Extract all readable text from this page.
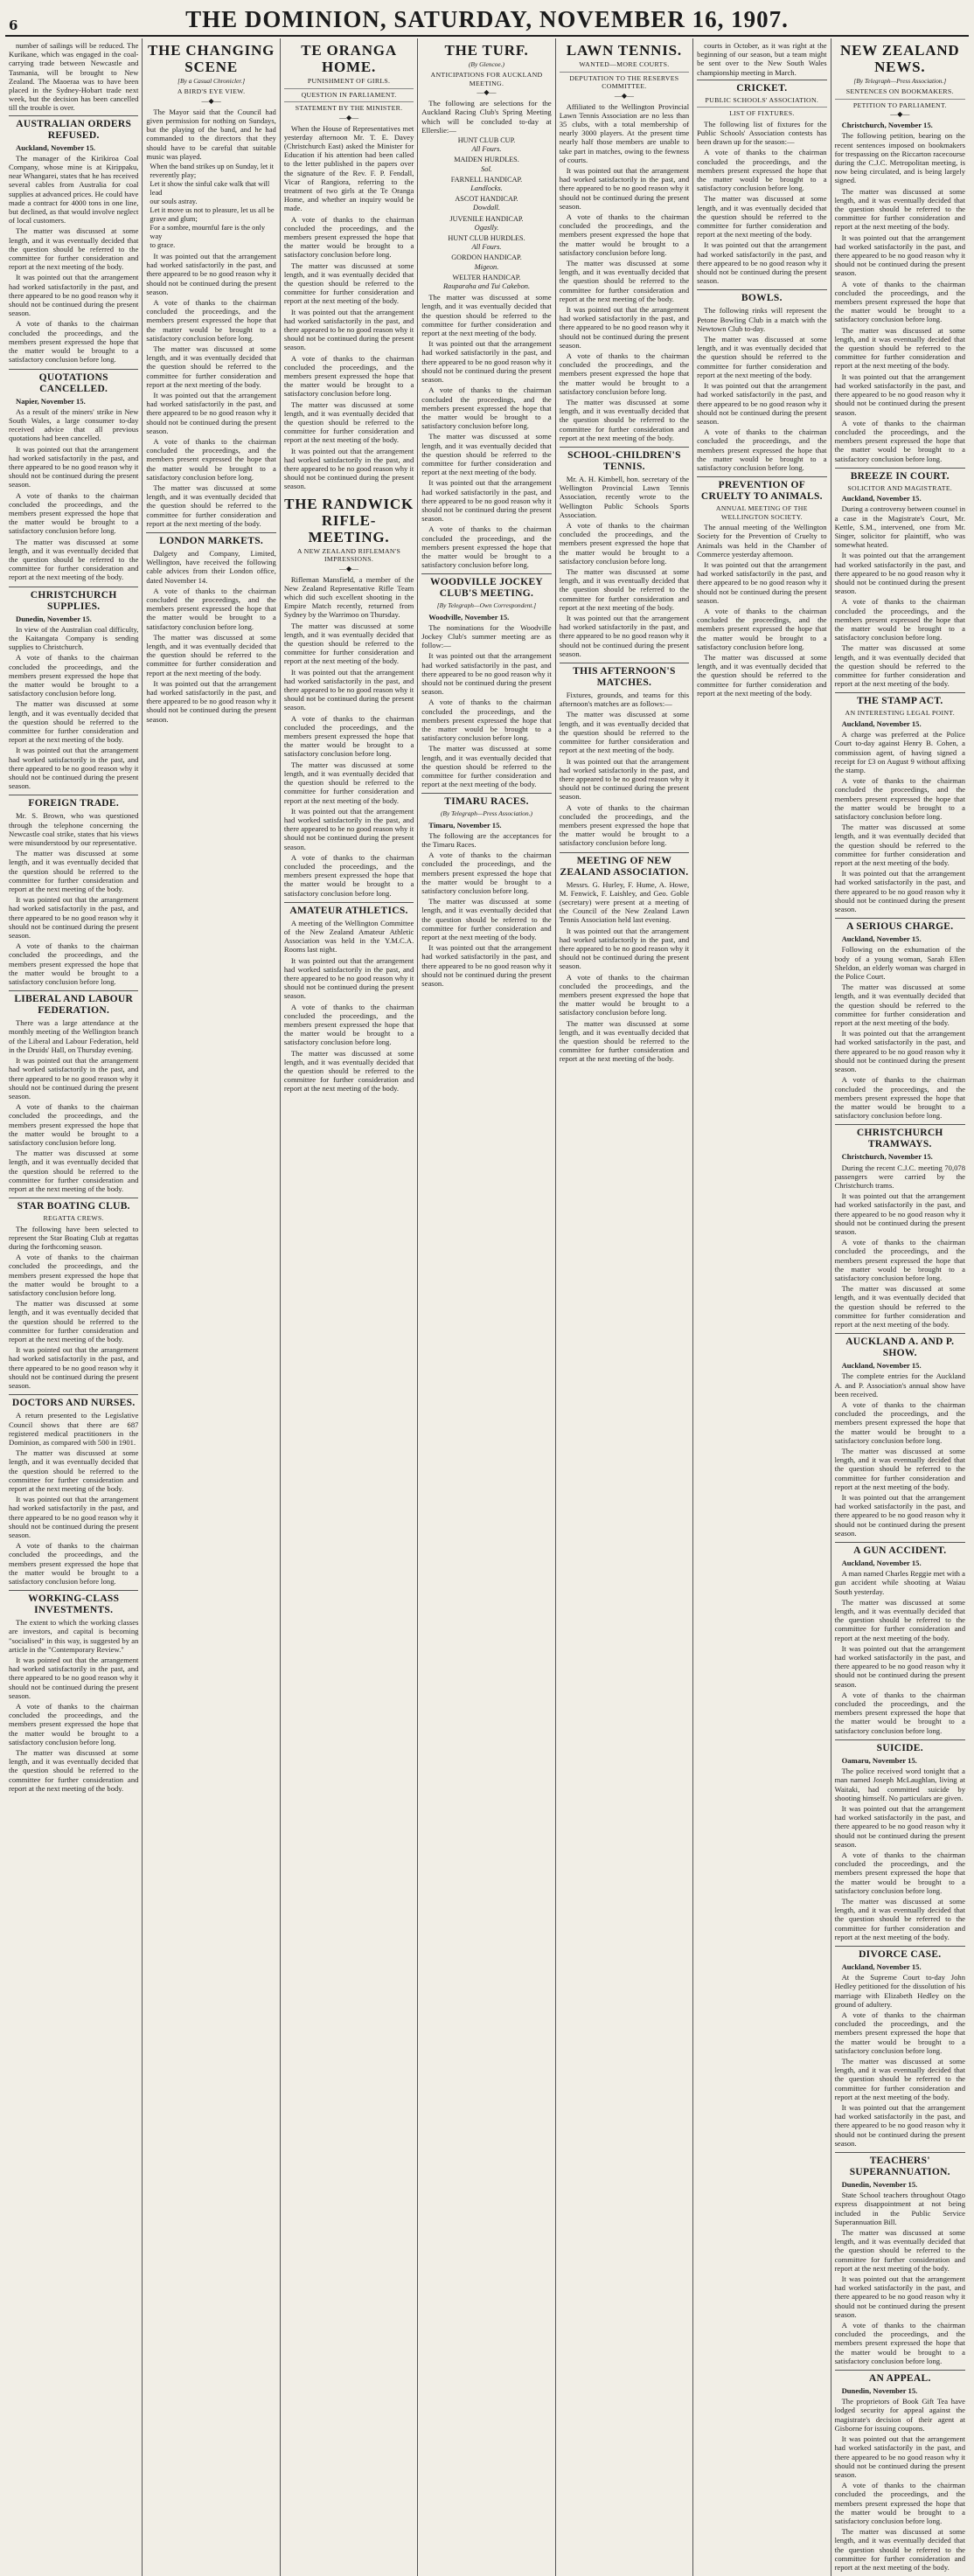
6	THE DOMINION, SATURDAY, NOVEMBER 16, 1907.

number of sailings will be reduced. The Kurikane, which was engaged in the coal-carrying trade between Newcastle and Tasmania, will be brought to New Zealand. The Maoeraa was to have been placed in the Sydney-Hobart trade next week, but the decision has been cancelled till the trouble is over.

AUSTRALIAN ORDERS REFUSED.
Auckland, November 15.

The manager of the Kirikiroa Coal Company, whose mine is at Kirippaku, near Whangarei, states that he has received several cables from Australia for coal supplies at advanced prices. He could have made a contract for 4000 tons in one line, but declined, as that would involve neglect of local customers.

The matter was discussed at some length, and it was eventually decided that the question should be referred to the committee for further consideration and report at the next meeting of the body.

It was pointed out that the arrangement had worked satisfactorily in the past, and there appeared to be no good reason why it should not be continued during the present season.

A vote of thanks to the chairman concluded the proceedings, and the members present expressed the hope that the matter would be brought to a satisfactory conclusion before long.

QUOTATIONS CANCELLED.
Napier, November 15.

As a result of the miners' strike in New South Wales, a large consumer to-day received advice that all previous quotations had been cancelled.

It was pointed out that the arrangement had worked satisfactorily in the past, and there appeared to be no good reason why it should not be continued during the present season.

A vote of thanks to the chairman concluded the proceedings, and the members present expressed the hope that the matter would be brought to a satisfactory conclusion before long.

The matter was discussed at some length, and it was eventually decided that the question should be referred to the committee for further consideration and report at the next meeting of the body.

CHRISTCHURCH SUPPLIES.
Dunedin, November 15.

In view of the Australian coal difficulty, the Kaitangata Company is sending supplies to Christchurch.

A vote of thanks to the chairman concluded the proceedings, and the members present expressed the hope that the matter would be brought to a satisfactory conclusion before long.

The matter was discussed at some length, and it was eventually decided that the question should be referred to the committee for further consideration and report at the next meeting of the body.

It was pointed out that the arrangement had worked satisfactorily in the past, and there appeared to be no good reason why it should not be continued during the present season.

FOREIGN TRADE.

Mr. S. Brown, who was questioned through the telephone concerning the Newcastle coal strike, states that his views were misunderstood by our representative.

The matter was discussed at some length, and it was eventually decided that the question should be referred to the committee for further consideration and report at the next meeting of the body.

It was pointed out that the arrangement had worked satisfactorily in the past, and there appeared to be no good reason why it should not be continued during the present season.

A vote of thanks to the chairman concluded the proceedings, and the members present expressed the hope that the matter would be brought to a satisfactory conclusion before long.

LIBERAL AND LABOUR FEDERATION.

There was a large attendance at the monthly meeting of the Wellington branch of the Liberal and Labour Federation, held in the Druids' Hall, on Thursday evening.

It was pointed out that the arrangement had worked satisfactorily in the past, and there appeared to be no good reason why it should not be continued during the present season.

A vote of thanks to the chairman concluded the proceedings, and the members present expressed the hope that the matter would be brought to a satisfactory conclusion before long.

The matter was discussed at some length, and it was eventually decided that the question should be referred to the committee for further consideration and report at the next meeting of the body.

STAR BOATING CLUB.
REGATTA CREWS.

The following have been selected to represent the Star Boating Club at regattas during the forthcoming season.

A vote of thanks to the chairman concluded the proceedings, and the members present expressed the hope that the matter would be brought to a satisfactory conclusion before long.

The matter was discussed at some length, and it was eventually decided that the question should be referred to the committee for further consideration and report at the next meeting of the body.

It was pointed out that the arrangement had worked satisfactorily in the past, and there appeared to be no good reason why it should not be continued during the present season.

DOCTORS AND NURSES.

A return presented to the Legislative Council shows that there are 687 registered medical practitioners in the Dominion, as compared with 500 in 1901.

The matter was discussed at some length, and it was eventually decided that the question should be referred to the committee for further consideration and report at the next meeting of the body.

It was pointed out that the arrangement had worked satisfactorily in the past, and there appeared to be no good reason why it should not be continued during the present season.

A vote of thanks to the chairman concluded the proceedings, and the members present expressed the hope that the matter would be brought to a satisfactory conclusion before long.

WORKING-CLASS INVESTMENTS.

The extent to which the working classes are investors, and capital is becoming "socialised" in this way, is suggested by an article in the "Contemporary Review."

It was pointed out that the arrangement had worked satisfactorily in the past, and there appeared to be no good reason why it should not be continued during the present season.

A vote of thanks to the chairman concluded the proceedings, and the members present expressed the hope that the matter would be brought to a satisfactory conclusion before long.

The matter was discussed at some length, and it was eventually decided that the question should be referred to the committee for further consideration and report at the next meeting of the body.

THE CHANGING SCENE
[By a Casual Chronicler.]
A BIRD'S EYE VIEW.
—◆—

The Mayor said that the Council had given permission for nothing on Sundays, but the playing of the band, and he had commanded to the directors that they should have to be careful that suitable music was played.

When the band strikes up on Sunday, let it
reverently play;
Let it show the sinful cake walk that will lead
our souls astray.
Let it move us not to pleasure, let us all be
grave and glum;
For a sombre, mournful fare is the only way
to grace.

It was pointed out that the arrangement had worked satisfactorily in the past, and there appeared to be no good reason why it should not be continued during the present season.

A vote of thanks to the chairman concluded the proceedings, and the members present expressed the hope that the matter would be brought to a satisfactory conclusion before long.

The matter was discussed at some length, and it was eventually decided that the question should be referred to the committee for further consideration and report at the next meeting of the body.

It was pointed out that the arrangement had worked satisfactorily in the past, and there appeared to be no good reason why it should not be continued during the present season.

A vote of thanks to the chairman concluded the proceedings, and the members present expressed the hope that the matter would be brought to a satisfactory conclusion before long.

The matter was discussed at some length, and it was eventually decided that the question should be referred to the committee for further consideration and report at the next meeting of the body.

LONDON MARKETS.

Dalgety and Company, Limited, Wellington, have received the following cable advices from their London office, dated November 14.

A vote of thanks to the chairman concluded the proceedings, and the members present expressed the hope that the matter would be brought to a satisfactory conclusion before long.

The matter was discussed at some length, and it was eventually decided that the question should be referred to the committee for further consideration and report at the next meeting of the body.

It was pointed out that the arrangement had worked satisfactorily in the past, and there appeared to be no good reason why it should not be continued during the present season.

TE ORANGA HOME.
PUNISHMENT OF GIRLS.
QUESTION IN PARLIAMENT.
STATEMENT BY THE MINISTER.
—◆—

When the House of Representatives met yesterday afternoon Mr. T. E. Davey (Christchurch East) asked the Minister for Education if his attention had been called to the letter published in the papers over the signature of the Rev. F. P. Fendall, Vicar of Rangiora, referring to the treatment of two girls at the Te Oranga Home, and whether an inquiry would be made.

A vote of thanks to the chairman concluded the proceedings, and the members present expressed the hope that the matter would be brought to a satisfactory conclusion before long.

The matter was discussed at some length, and it was eventually decided that the question should be referred to the committee for further consideration and report at the next meeting of the body.

It was pointed out that the arrangement had worked satisfactorily in the past, and there appeared to be no good reason why it should not be continued during the present season.

A vote of thanks to the chairman concluded the proceedings, and the members present expressed the hope that the matter would be brought to a satisfactory conclusion before long.

The matter was discussed at some length, and it was eventually decided that the question should be referred to the committee for further consideration and report at the next meeting of the body.

It was pointed out that the arrangement had worked satisfactorily in the past, and there appeared to be no good reason why it should not be continued during the present season.

THE RANDWICK RIFLE-MEETING.
A NEW ZEALAND RIFLEMAN'S IMPRESSIONS.
—◆—

Rifleman Mansfield, a member of the New Zealand Representative Rifle Team which did such excellent shooting in the Empire Match recently, returned from Sydney by the Warrimoo on Thursday.

The matter was discussed at some length, and it was eventually decided that the question should be referred to the committee for further consideration and report at the next meeting of the body.

It was pointed out that the arrangement had worked satisfactorily in the past, and there appeared to be no good reason why it should not be continued during the present season.

A vote of thanks to the chairman concluded the proceedings, and the members present expressed the hope that the matter would be brought to a satisfactory conclusion before long.

The matter was discussed at some length, and it was eventually decided that the question should be referred to the committee for further consideration and report at the next meeting of the body.

It was pointed out that the arrangement had worked satisfactorily in the past, and there appeared to be no good reason why it should not be continued during the present season.

A vote of thanks to the chairman concluded the proceedings, and the members present expressed the hope that the matter would be brought to a satisfactory conclusion before long.

AMATEUR ATHLETICS.

A meeting of the Wellington Committee of the New Zealand Amateur Athletic Association was held in the Y.M.C.A. Rooms last night.

It was pointed out that the arrangement had worked satisfactorily in the past, and there appeared to be no good reason why it should not be continued during the present season.

A vote of thanks to the chairman concluded the proceedings, and the members present expressed the hope that the matter would be brought to a satisfactory conclusion before long.

The matter was discussed at some length, and it was eventually decided that the question should be referred to the committee for further consideration and report at the next meeting of the body.

THE TURF.
(By Glencoe.)
ANTICIPATIONS FOR AUCKLAND MEETING.
—◆—

The following are selections for the Auckland Racing Club's Spring Meeting which will be concluded to-day at Ellerslie:—

HUNT CLUB CUP.
All Fours.
MAIDEN HURDLES.
Sol.
FARNELL HANDICAP.
Landlocks.
ASCOT HANDICAP.
Dowdall.
JUVENILE HANDICAP.
Ogaslly.
HUNT CLUB HURDLES.
All Fours.
GORDON HANDICAP.
Migeon.
WELTER HANDICAP.
Rauparaha and Tui Cakebon.

The matter was discussed at some length, and it was eventually decided that the question should be referred to the committee for further consideration and report at the next meeting of the body.

It was pointed out that the arrangement had worked satisfactorily in the past, and there appeared to be no good reason why it should not be continued during the present season.

A vote of thanks to the chairman concluded the proceedings, and the members present expressed the hope that the matter would be brought to a satisfactory conclusion before long.

The matter was discussed at some length, and it was eventually decided that the question should be referred to the committee for further consideration and report at the next meeting of the body.

It was pointed out that the arrangement had worked satisfactorily in the past, and there appeared to be no good reason why it should not be continued during the present season.

A vote of thanks to the chairman concluded the proceedings, and the members present expressed the hope that the matter would be brought to a satisfactory conclusion before long.

WOODVILLE JOCKEY CLUB'S MEETING.
[By Telegraph—Own Correspondent.]
Woodville, November 15.

The nominations for the Woodville Jockey Club's summer meeting are as follow:—

It was pointed out that the arrangement had worked satisfactorily in the past, and there appeared to be no good reason why it should not be continued during the present season.

A vote of thanks to the chairman concluded the proceedings, and the members present expressed the hope that the matter would be brought to a satisfactory conclusion before long.

The matter was discussed at some length, and it was eventually decided that the question should be referred to the committee for further consideration and report at the next meeting of the body.

TIMARU RACES.
(By Telegraph—Press Association.)
Timaru, November 15.

The following are the acceptances for the Timaru Races.

A vote of thanks to the chairman concluded the proceedings, and the members present expressed the hope that the matter would be brought to a satisfactory conclusion before long.

The matter was discussed at some length, and it was eventually decided that the question should be referred to the committee for further consideration and report at the next meeting of the body.

It was pointed out that the arrangement had worked satisfactorily in the past, and there appeared to be no good reason why it should not be continued during the present season.

LAWN TENNIS.
WANTED—MORE COURTS.
DEPUTATION TO THE RESERVES COMMITTEE.
—◆—

Affiliated to the Wellington Provincial Lawn Tennis Association are no less than 35 clubs, with a total membership of nearly 3000 players. At the present time nearly half those members are unable to take part in matches, owing to the fewness of courts.

It was pointed out that the arrangement had worked satisfactorily in the past, and there appeared to be no good reason why it should not be continued during the present season.

A vote of thanks to the chairman concluded the proceedings, and the members present expressed the hope that the matter would be brought to a satisfactory conclusion before long.

The matter was discussed at some length, and it was eventually decided that the question should be referred to the committee for further consideration and report at the next meeting of the body.

It was pointed out that the arrangement had worked satisfactorily in the past, and there appeared to be no good reason why it should not be continued during the present season.

A vote of thanks to the chairman concluded the proceedings, and the members present expressed the hope that the matter would be brought to a satisfactory conclusion before long.

The matter was discussed at some length, and it was eventually decided that the question should be referred to the committee for further consideration and report at the next meeting of the body.

SCHOOL-CHILDREN'S TENNIS.

Mr. A. H. Kimbell, hon. secretary of the Wellington Provincial Lawn Tennis Association, recently wrote to the Wellington Public Schools Sports Association.

A vote of thanks to the chairman concluded the proceedings, and the members present expressed the hope that the matter would be brought to a satisfactory conclusion before long.

The matter was discussed at some length, and it was eventually decided that the question should be referred to the committee for further consideration and report at the next meeting of the body.

It was pointed out that the arrangement had worked satisfactorily in the past, and there appeared to be no good reason why it should not be continued during the present season.

THIS AFTERNOON'S MATCHES.

Fixtures, grounds, and teams for this afternoon's matches are as follows:—

The matter was discussed at some length, and it was eventually decided that the question should be referred to the committee for further consideration and report at the next meeting of the body.

It was pointed out that the arrangement had worked satisfactorily in the past, and there appeared to be no good reason why it should not be continued during the present season.

A vote of thanks to the chairman concluded the proceedings, and the members present expressed the hope that the matter would be brought to a satisfactory conclusion before long.

MEETING OF NEW ZEALAND ASSOCIATION.

Messrs. G. Hurley, F. Hume, A. Howe, M. Fenwick, F. Laishley, and Geo. Goble (secretary) were present at a meeting of the Council of the New Zealand Lawn Tennis Association held last evening.

It was pointed out that the arrangement had worked satisfactorily in the past, and there appeared to be no good reason why it should not be continued during the present season.

A vote of thanks to the chairman concluded the proceedings, and the members present expressed the hope that the matter would be brought to a satisfactory conclusion before long.

The matter was discussed at some length, and it was eventually decided that the question should be referred to the committee for further consideration and report at the next meeting of the body.

courts in October, as it was right at the beginning of our season, but a team might be sent over to the New South Wales championship meeting in March.

CRICKET.
PUBLIC SCHOOLS' ASSOCIATION.
LIST OF FIXTURES.

The following list of fixtures for the Public Schools' Association contests has been drawn up for the season:—

A vote of thanks to the chairman concluded the proceedings, and the members present expressed the hope that the matter would be brought to a satisfactory conclusion before long.

The matter was discussed at some length, and it was eventually decided that the question should be referred to the committee for further consideration and report at the next meeting of the body.

It was pointed out that the arrangement had worked satisfactorily in the past, and there appeared to be no good reason why it should not be continued during the present season.

BOWLS.

The following rinks will represent the Petone Bowling Club in a match with the Newtown Club to-day.

The matter was discussed at some length, and it was eventually decided that the question should be referred to the committee for further consideration and report at the next meeting of the body.

It was pointed out that the arrangement had worked satisfactorily in the past, and there appeared to be no good reason why it should not be continued during the present season.

A vote of thanks to the chairman concluded the proceedings, and the members present expressed the hope that the matter would be brought to a satisfactory conclusion before long.

PREVENTION OF CRUELTY TO ANIMALS.
ANNUAL MEETING OF THE WELLINGTON SOCIETY.

The annual meeting of the Wellington Society for the Prevention of Cruelty to Animals was held in the Chamber of Commerce yesterday afternoon.

It was pointed out that the arrangement had worked satisfactorily in the past, and there appeared to be no good reason why it should not be continued during the present season.

A vote of thanks to the chairman concluded the proceedings, and the members present expressed the hope that the matter would be brought to a satisfactory conclusion before long.

The matter was discussed at some length, and it was eventually decided that the question should be referred to the committee for further consideration and report at the next meeting of the body.

NEW ZEALAND NEWS.
[By Telegraph—Press Association.]
SENTENCES ON BOOKMAKERS.
PETITION TO PARLIAMENT.
—◆—
Christchurch, November 15.

The following petition, bearing on the recent sentences imposed on bookmakers for trespassing on the Riccarton racecourse during the C.J.C. Metropolitan meeting, is now being circulated, and is being largely signed.

The matter was discussed at some length, and it was eventually decided that the question should be referred to the committee for further consideration and report at the next meeting of the body.

It was pointed out that the arrangement had worked satisfactorily in the past, and there appeared to be no good reason why it should not be continued during the present season.

A vote of thanks to the chairman concluded the proceedings, and the members present expressed the hope that the matter would be brought to a satisfactory conclusion before long.

The matter was discussed at some length, and it was eventually decided that the question should be referred to the committee for further consideration and report at the next meeting of the body.

It was pointed out that the arrangement had worked satisfactorily in the past, and there appeared to be no good reason why it should not be continued during the present season.

A vote of thanks to the chairman concluded the proceedings, and the members present expressed the hope that the matter would be brought to a satisfactory conclusion before long.

BREEZE IN COURT.
SOLICITOR AND MAGISTRATE.
Auckland, November 15.

During a controversy between counsel in a case in the Magistrate's Court, Mr. Kettle, S.M., intervened, one from Mr. Singer, solicitor for plaintiff, who was somewhat heated.

It was pointed out that the arrangement had worked satisfactorily in the past, and there appeared to be no good reason why it should not be continued during the present season.

A vote of thanks to the chairman concluded the proceedings, and the members present expressed the hope that the matter would be brought to a satisfactory conclusion before long.

The matter was discussed at some length, and it was eventually decided that the question should be referred to the committee for further consideration and report at the next meeting of the body.

THE STAMP ACT.
AN INTERESTING LEGAL POINT.
Auckland, November 15.

A charge was preferred at the Police Court to-day against Henry B. Cohen, a commission agent, of having signed a receipt for £3 on August 9 without affixing the stamp.

A vote of thanks to the chairman concluded the proceedings, and the members present expressed the hope that the matter would be brought to a satisfactory conclusion before long.

The matter was discussed at some length, and it was eventually decided that the question should be referred to the committee for further consideration and report at the next meeting of the body.

It was pointed out that the arrangement had worked satisfactorily in the past, and there appeared to be no good reason why it should not be continued during the present season.

A SERIOUS CHARGE.
Auckland, November 15.

Following on the exhumation of the body of a young woman, Sarah Ellen Sheldon, an elderly woman was charged in the Police Court.

The matter was discussed at some length, and it was eventually decided that the question should be referred to the committee for further consideration and report at the next meeting of the body.

It was pointed out that the arrangement had worked satisfactorily in the past, and there appeared to be no good reason why it should not be continued during the present season.

A vote of thanks to the chairman concluded the proceedings, and the members present expressed the hope that the matter would be brought to a satisfactory conclusion before long.

CHRISTCHURCH TRAMWAYS.
Christchurch, November 15.

During the recent C.J.C. meeting 70,078 passengers were carried by the Christchurch trams.

It was pointed out that the arrangement had worked satisfactorily in the past, and there appeared to be no good reason why it should not be continued during the present season.

A vote of thanks to the chairman concluded the proceedings, and the members present expressed the hope that the matter would be brought to a satisfactory conclusion before long.

The matter was discussed at some length, and it was eventually decided that the question should be referred to the committee for further consideration and report at the next meeting of the body.

AUCKLAND A. AND P. SHOW.
Auckland, November 15.

The complete entries for the Auckland A. and P. Association's annual show have been received.

A vote of thanks to the chairman concluded the proceedings, and the members present expressed the hope that the matter would be brought to a satisfactory conclusion before long.

The matter was discussed at some length, and it was eventually decided that the question should be referred to the committee for further consideration and report at the next meeting of the body.

It was pointed out that the arrangement had worked satisfactorily in the past, and there appeared to be no good reason why it should not be continued during the present season.

A GUN ACCIDENT.
Auckland, November 15.

A man named Charles Reggie met with a gun accident while shooting at Waiau South yesterday.

The matter was discussed at some length, and it was eventually decided that the question should be referred to the committee for further consideration and report at the next meeting of the body.

It was pointed out that the arrangement had worked satisfactorily in the past, and there appeared to be no good reason why it should not be continued during the present season.

A vote of thanks to the chairman concluded the proceedings, and the members present expressed the hope that the matter would be brought to a satisfactory conclusion before long.

SUICIDE.
Oamaru, November 15.

The police received word tonight that a man named Joseph McLaughlan, living at Waitaki, had committed suicide by shooting himself. No particulars are given.

It was pointed out that the arrangement had worked satisfactorily in the past, and there appeared to be no good reason why it should not be continued during the present season.

A vote of thanks to the chairman concluded the proceedings, and the members present expressed the hope that the matter would be brought to a satisfactory conclusion before long.

The matter was discussed at some length, and it was eventually decided that the question should be referred to the committee for further consideration and report at the next meeting of the body.

DIVORCE CASE.
Auckland, November 15.

At the Supreme Court to-day John Hedley petitioned for the dissolution of his marriage with Elizabeth Hedley on the ground of adultery.

A vote of thanks to the chairman concluded the proceedings, and the members present expressed the hope that the matter would be brought to a satisfactory conclusion before long.

The matter was discussed at some length, and it was eventually decided that the question should be referred to the committee for further consideration and report at the next meeting of the body.

It was pointed out that the arrangement had worked satisfactorily in the past, and there appeared to be no good reason why it should not be continued during the present season.

TEACHERS' SUPERANNUATION.
Dunedin, November 15.

State School teachers throughout Otago express disappointment at not being included in the Public Service Superannuation Bill.

The matter was discussed at some length, and it was eventually decided that the question should be referred to the committee for further consideration and report at the next meeting of the body.

It was pointed out that the arrangement had worked satisfactorily in the past, and there appeared to be no good reason why it should not be continued during the present season.

A vote of thanks to the chairman concluded the proceedings, and the members present expressed the hope that the matter would be brought to a satisfactory conclusion before long.

AN APPEAL.
Dunedin, November 15.

The proprietors of Book Gift Tea have lodged security for appeal against the magistrate's decision of their agent at Gisborne for issuing coupons.

It was pointed out that the arrangement had worked satisfactorily in the past, and there appeared to be no good reason why it should not be continued during the present season.

A vote of thanks to the chairman concluded the proceedings, and the members present expressed the hope that the matter would be brought to a satisfactory conclusion before long.

The matter was discussed at some length, and it was eventually decided that the question should be referred to the committee for further consideration and report at the next meeting of the body.
